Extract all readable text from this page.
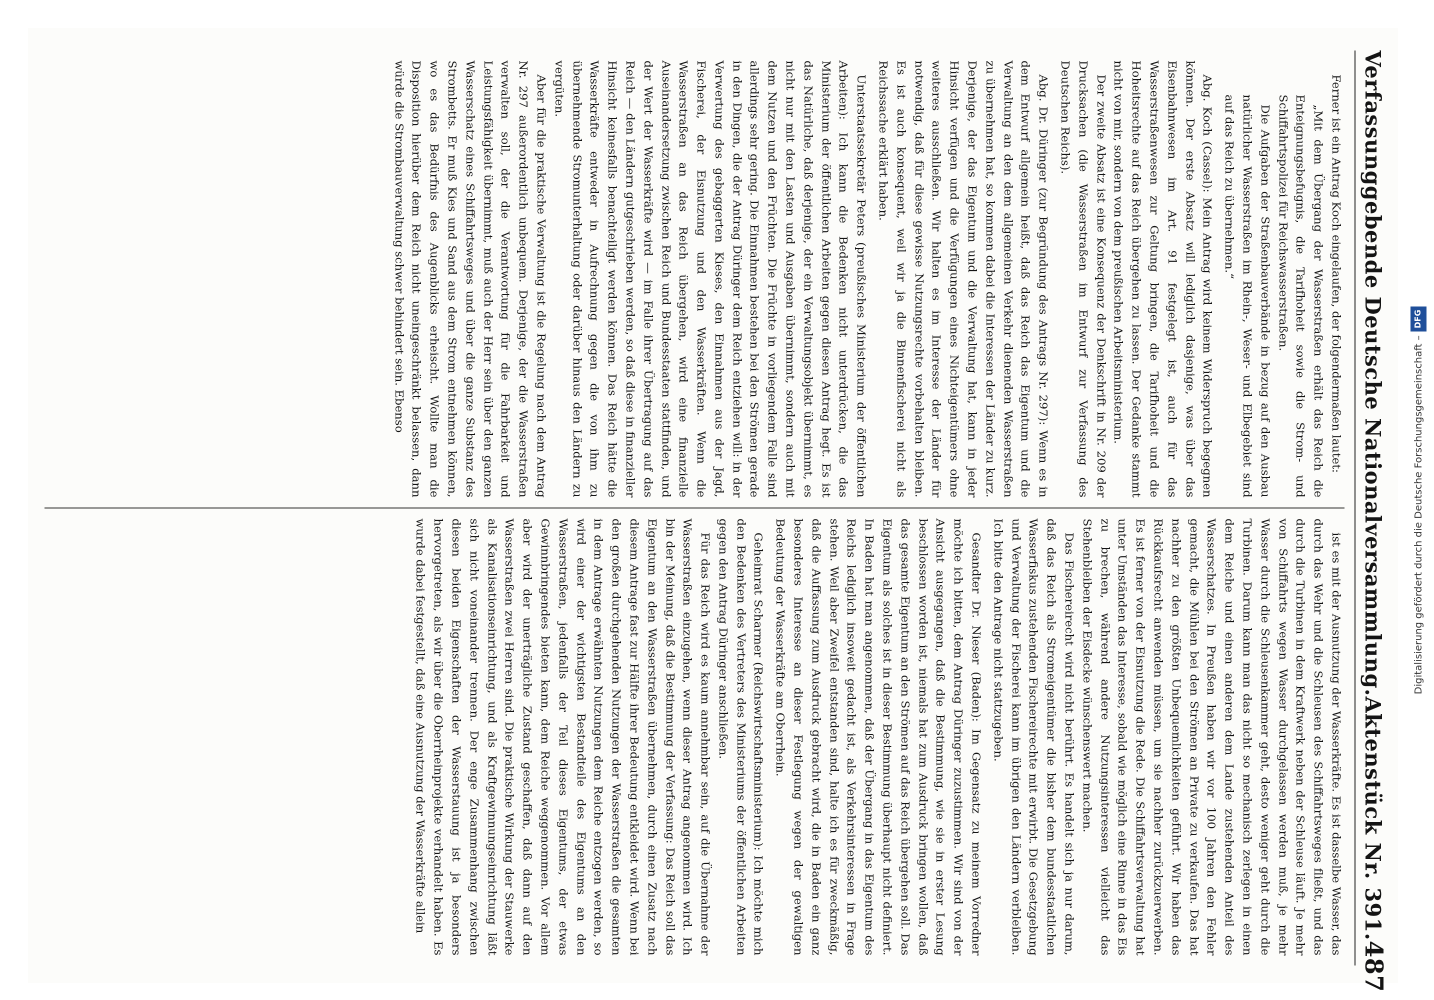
Verfassunggebende Deutsche Nationalversammlung.
Aktenstück Nr. 391.
487

Ferner ist ein Antrag Koch eingelaufen, der folgendermaßen lautet:

„Mit dem Übergang der Wasserstraßen erhält das Reich die Enteignungsbefugnis, die Tarifhoheit sowie die Strom- und Schiffahrtspolizei für Reichswasserstraßen.

Die Aufgaben der Straßenbauverbände in bezug auf den Ausbau natürlicher Wasserstraßen im Rhein-, Weser- und Elbegebiet sind auf das Reich zu übernehmen.“

Abg. Koch (Cassel): Mein Antrag wird keinem Widerspruch begegnen können. Der erste Absatz will lediglich dasjenige, was über das Eisenbahnwesen im Art. 91 festgelegt ist, auch für das Wasserstraßenwesen zur Geltung bringen, die Tarifhoheit und die Hoheitsrechte auf das Reich übergehen zu lassen. Der Gedanke stammt nicht von mir, sondern von dem preußischen Arbeitsministerium.

Der zweite Absatz ist eine Konsequenz der Denkschrift in Nr. 209 der Drucksachen (die Wasserstraßen im Entwurf zur Verfassung des Deutschen Reichs).

Abg. Dr. Düringer (zur Begründung des Antrags Nr. 297): Wenn es in dem Entwurf allgemein heißt, daß das Reich das Eigentum und die Verwaltung an den dem allgemeinen Verkehr dienenden Wasserstraßen zu übernehmen hat, so kommen dabei die Interessen der Länder zu kurz. Derjenige, der das Eigentum und die Verwaltung hat, kann in jeder Hinsicht verfügen und die Verfügungen eines Nichteigentümers ohne weiteres ausschließen. Wir halten es im Interesse der Länder für notwendig, daß für diese gewisse Nutzungsrechte vorbehalten bleiben. Es ist auch konsequent, weil wir ja die Binnenfischerei nicht als Reichssache erklärt haben.

Unterstaatssekretär Peters (preußisches Ministerium der öffentlichen Arbeiten): Ich kann die Bedenken nicht unterdrücken, die das Ministerium der öffentlichen Arbeiten gegen diesen Antrag hegt. Es ist das Natürliche, daß derjenige, der ein Verwaltungsobjekt übernimmt, es nicht nur mit den Lasten und Ausgaben übernimmt, sondern auch mit dem Nutzen und den Früchten. Die Früchte in vorliegendem Falle sind allerdings sehr gering. Die Einnahmen bestehen bei den Strömen gerade in den Dingen, die der Antrag Düringer dem Reich entziehen will: in der Verwertung des gebaggerten Kieses, den Einnahmen aus der Jagd, Fischerei, der Eisnutzung und den Wasserkräften. Wenn die Wasserstraßen an das Reich übergehen, wird eine finanzielle Auseinandersetzung zwischen Reich und Bundesstaaten stattfinden, und der Wert der Wasserkräfte wird — im Falle ihrer Übertragung auf das Reich — den Ländern gutgeschrieben werden, so daß diese in finanzieller Hinsicht keinesfalls benachteiligt werden können. Das Reich hätte die Wasserkräfte entweder in Aufrechnung gegen die von ihm zu übernehmende Stromunterhaltung oder darüber hinaus den Ländern zu vergüten.

Aber für die praktische Verwaltung ist die Regelung nach dem Antrag Nr. 297 außerordentlich unbequem. Derjenige, der die Wasserstraßen verwalten soll, der die Verantwortung für die Fahrbarkeit und Leistungsfähigkeit übernimmt, muß auch der Herr sein über den ganzen Wasserschatz eines Schiffahrtsweges und über die ganze Substanz des Strombetts. Er muß Kies und Sand aus dem Strom entnehmen können, wo es das Bedürfnis des Augenblicks erheischt. Wollte man die Disposition hierüber dem Reich nicht uneingeschränkt belassen, dann würde die Strombauverwaltung schwer behindert sein. Ebenso

ist es mit der Ausnutzung der Wasserkräfte. Es ist dasselbe Wasser, das durch das Wehr und die Schleusen des Schiffahrtsweges fließt, und das durch die Turbinen in dem Kraftwerk neben der Schleuse läuft. Je mehr von Schiffahrts wegen Wasser durchgelassen werden muß, je mehr Wasser durch die Schleusenkammer geht, desto weniger geht durch die Turbinen. Darum kann man das nicht so mechanisch zerlegen in einen dem Reiche und einen anderen dem Lande zustehenden Anteil des Wasserschatzes. In Preußen haben wir vor 100 Jahren den Fehler gemacht, die Mühlen bei den Strömen an Private zu verkaufen. Das hat nachher zu den größten Unbequemlichkeiten geführt. Wir haben das Rückkaufsrecht anwenden müssen, um sie nachher zurückzuerwerben. Es ist ferner von der Eisnutzung die Rede. Die Schiffahrtsverwaltung hat unter Umständen das Interesse, sobald wie möglich eine Rinne in das Eis zu brechen, während andere Nutzungsinteressen vielleicht das Stehenbleiben der Eisdecke wünschenswert machen.

Das Fischereirecht wird nicht berührt. Es handelt sich ja nur darum, daß das Reich als Stromeigentümer die bisher dem bundesstaatlichen Wasserfiskus zustehenden Fischereirechte mit erwirbt. Die Gesetzgebung und Verwaltung der Fischerei kann im übrigen den Ländern verbleiben. Ich bitte den Antrage nicht stattzugeben.

Gesandter Dr. Nieser (Baden): Im Gegensatz zu meinem Vorredner möchte ich bitten, dem Antrag Düringer zuzustimmen. Wir sind von der Ansicht ausgegangen, daß die Bestimmung, wie sie in erster Lesung beschlossen worden ist, niemals hat zum Ausdruck bringen wollen, daß das gesamte Eigentum an den Strömen auf das Reich übergehen soll. Das Eigentum als solches ist in dieser Bestimmung überhaupt nicht definiert. In Baden hat man angenommen, daß der Übergang in das Eigentum des Reichs lediglich insoweit gedacht ist, als Verkehrsinteressen in Frage stehen. Weil aber Zweifel entstanden sind, halte ich es für zweckmäßig, daß die Auffassung zum Ausdruck gebracht wird, die in Baden ein ganz besonderes Interesse an dieser Festlegung wegen der gewaltigen Bedeutung der Wasserkräfte am Oberrhein.

Geheimrat Scharmer (Reichswirtschaftsministerium): Ich möchte mich den Bedenken des Vertreters des Ministeriums der öffentlichen Arbeiten gegen den Antrag Düringer anschließen.

Für das Reich wird es kaum annehmbar sein, auf die Übernahme der Wasserstraßen einzugehen, wenn dieser Antrag angenommen wird. Ich bin der Meinung, daß die Bestimmung der Verfassung: Das Reich soll das Eigentum an den Wasserstraßen übernehmen, durch einen Zusatz nach diesem Antrage fast zur Hälfte ihrer Bedeutung entkleidet wird. Wenn bei den großen durchgehenden Nutzungen der Wasserstraßen die gesamten in dem Antrage erwähnten Nutzungen dem Reiche entzogen werden, so wird einer der wichtigsten Bestandteile des Eigentums an den Wasserstraßen, jedenfalls der Teil dieses Eigentums, der etwas Gewinnbringendes bieten kann, dem Reiche weggenommen. Vor allem aber wird der unerträgliche Zustand geschaffen, daß dann auf den Wasserstraßen zwei Herren sind. Die praktische Wirkung der Stauwerke als Kanalisationseinrichtung, und als Kraftgewinnungseinrichtung läßt sich nicht voneinander trennen. Der enge Zusammenhang zwischen diesen beiden Eigenschaften der Wasserstauung ist ja besonders hervorgetreten, als wir über die Oberrheinprojekte verhandelt haben. Es wurde dabei festgestellt, daß eine Ausnutzung der Wasserkräfte allein

Digitalisierung gefördert durch die Deutsche Forschungsgemeinschaft –DFG
